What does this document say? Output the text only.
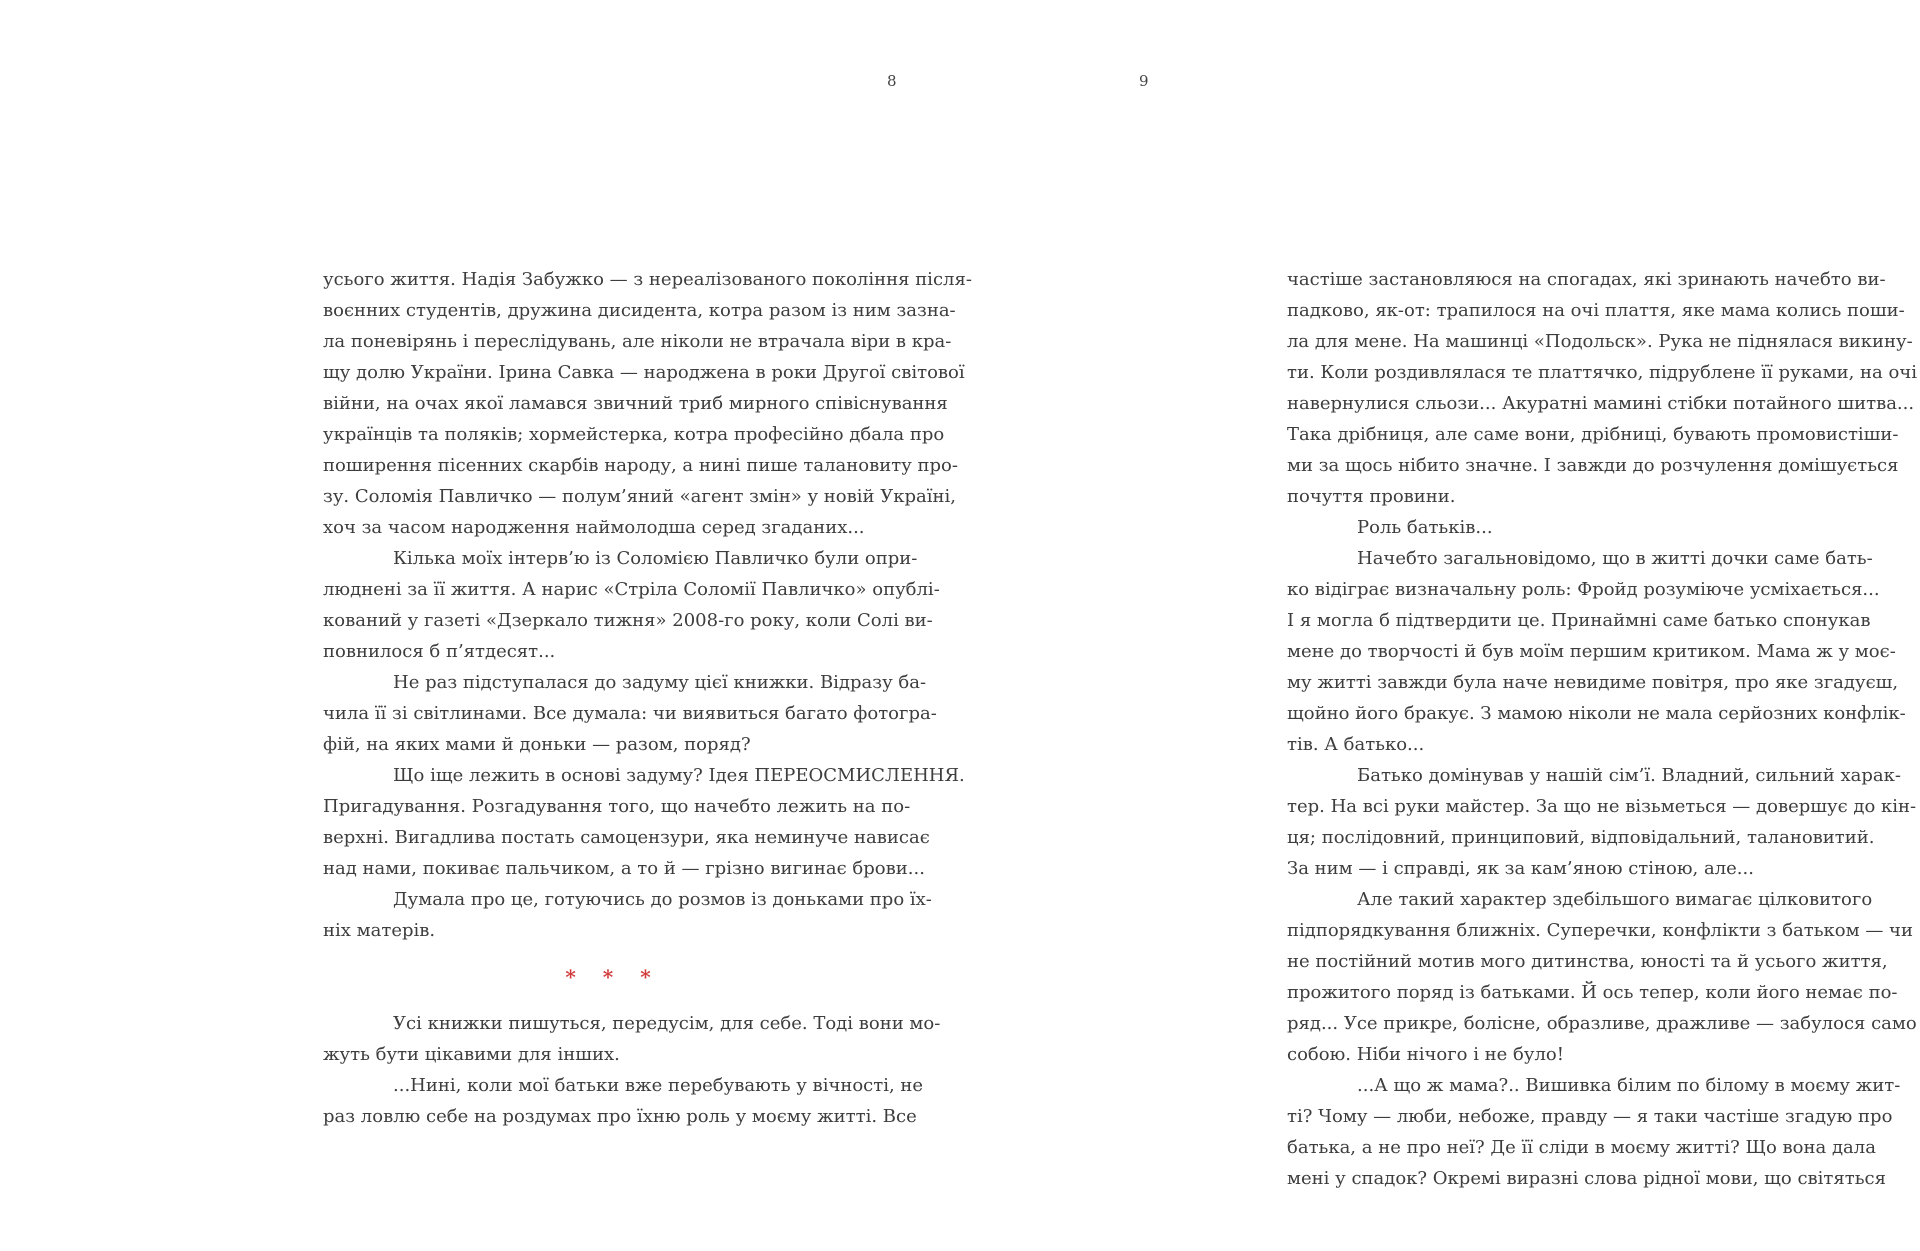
8	9
усього життя. Надія Забужко — з нереалізованого покоління після-
воєнних студентів, дружина дисидента, котра разом із ним зазна-
ла поневірянь і переслідувань, але ніколи не втрачала віри в кра-
щу долю України. Ірина Савка — народжена в роки Другої світової
війни, на очах якої ламався звичний триб мирного співіснування
українців та поляків; хормейстерка, котра професійно дбала про
поширення пісенних скарбів народу, а нині пише талановиту про-
зу. Соломія Павличко — полум’яний «агент змін» у новій Україні,
хоч за часом народження наймолодша серед згаданих...
Кілька моїх інтерв’ю із Соломією Павличко були опри-
люднені за її життя. А нарис «Стріла Соломії Павличко» опублі-
кований у газеті «Дзеркало тижня» 2008-го року, коли Солі ви-
повнилося б п’ятдесят...
Не раз підступалася до задуму цієї книжки. Відразу ба-
чила її зі світлинами. Все думала: чи виявиться багато фотогра-
фій, на яких мами й доньки — разом, поряд?
Що іще лежить в основі задуму? Ідея ПЕРЕОСМИСЛЕННЯ.
Пригадування. Розгадування того, що начебто лежить на по-
верхні. Вигадлива постать самоцензури, яка неминуче нависає
над нами, покиває пальчиком, а то й — грізно вигинає брови...
Думала про це, готуючись до розмов із доньками про їх-
ніх матерів.
* * *
Усі книжки пишуться, передусім, для себе. Тоді вони мо-
жуть бути цікавими для інших.
...Нині, коли мої батьки вже перебувають у вічності, не
раз ловлю себе на роздумах про їхню роль у моєму житті. Все
частіше застановляюся на спогадах, які зринають начебто ви-
падково, як-от: трапилося на очі плаття, яке мама колись поши-
ла для мене. На машинці «Подольск». Рука не піднялася викину-
ти. Коли роздивлялася те платтячко, підрублене її руками, на очі
навернулися сльози... Акуратні мамині стібки потайного шитва...
Така дрібниця, але саме вони, дрібниці, бувають промовистіши-
ми за щось нібито значне. І завжди до розчулення домішується
почуття провини.
Роль батьків...
Начебто загальновідомо, що в житті дочки саме бать-
ко відіграє визначальну роль: Фройд розуміюче усміхається...
І я могла б підтвердити це. Принаймні саме батько спонукав
мене до творчості й був моїм першим критиком. Мама ж у моє-
му житті завжди була наче невидиме повітря, про яке згадуєш,
щойно його бракує. З мамою ніколи не мала серйозних конфлік-
тів. А батько...
Батько домінував у нашій сім’ї. Владний, сильний харак-
тер. На всі руки майстер. За що не візьметься — довершує до кін-
ця; послідовний, принциповий, відповідальний, талановитий.
За ним — і справді, як за кам’яною стіною, але...
Але такий характер здебільшого вимагає цілковитого
підпорядкування ближніх. Суперечки, конфлікти з батьком — чи
не постійний мотив мого дитинства, юності та й усього життя,
прожитого поряд із батьками. Й ось тепер, коли його немає по-
ряд... Усе прикре, болісне, образливе, дражливе — забулося само
собою. Ніби нічого і не було!
...А що ж мама?.. Вишивка білим по білому в моєму жит-
ті? Чому — люби, небоже, правду — я таки частіше згадую про
батька, а не про неї? Де її сліди в моєму житті? Що вона дала
мені у спадок? Окремі виразні слова рідної мови, що світяться
